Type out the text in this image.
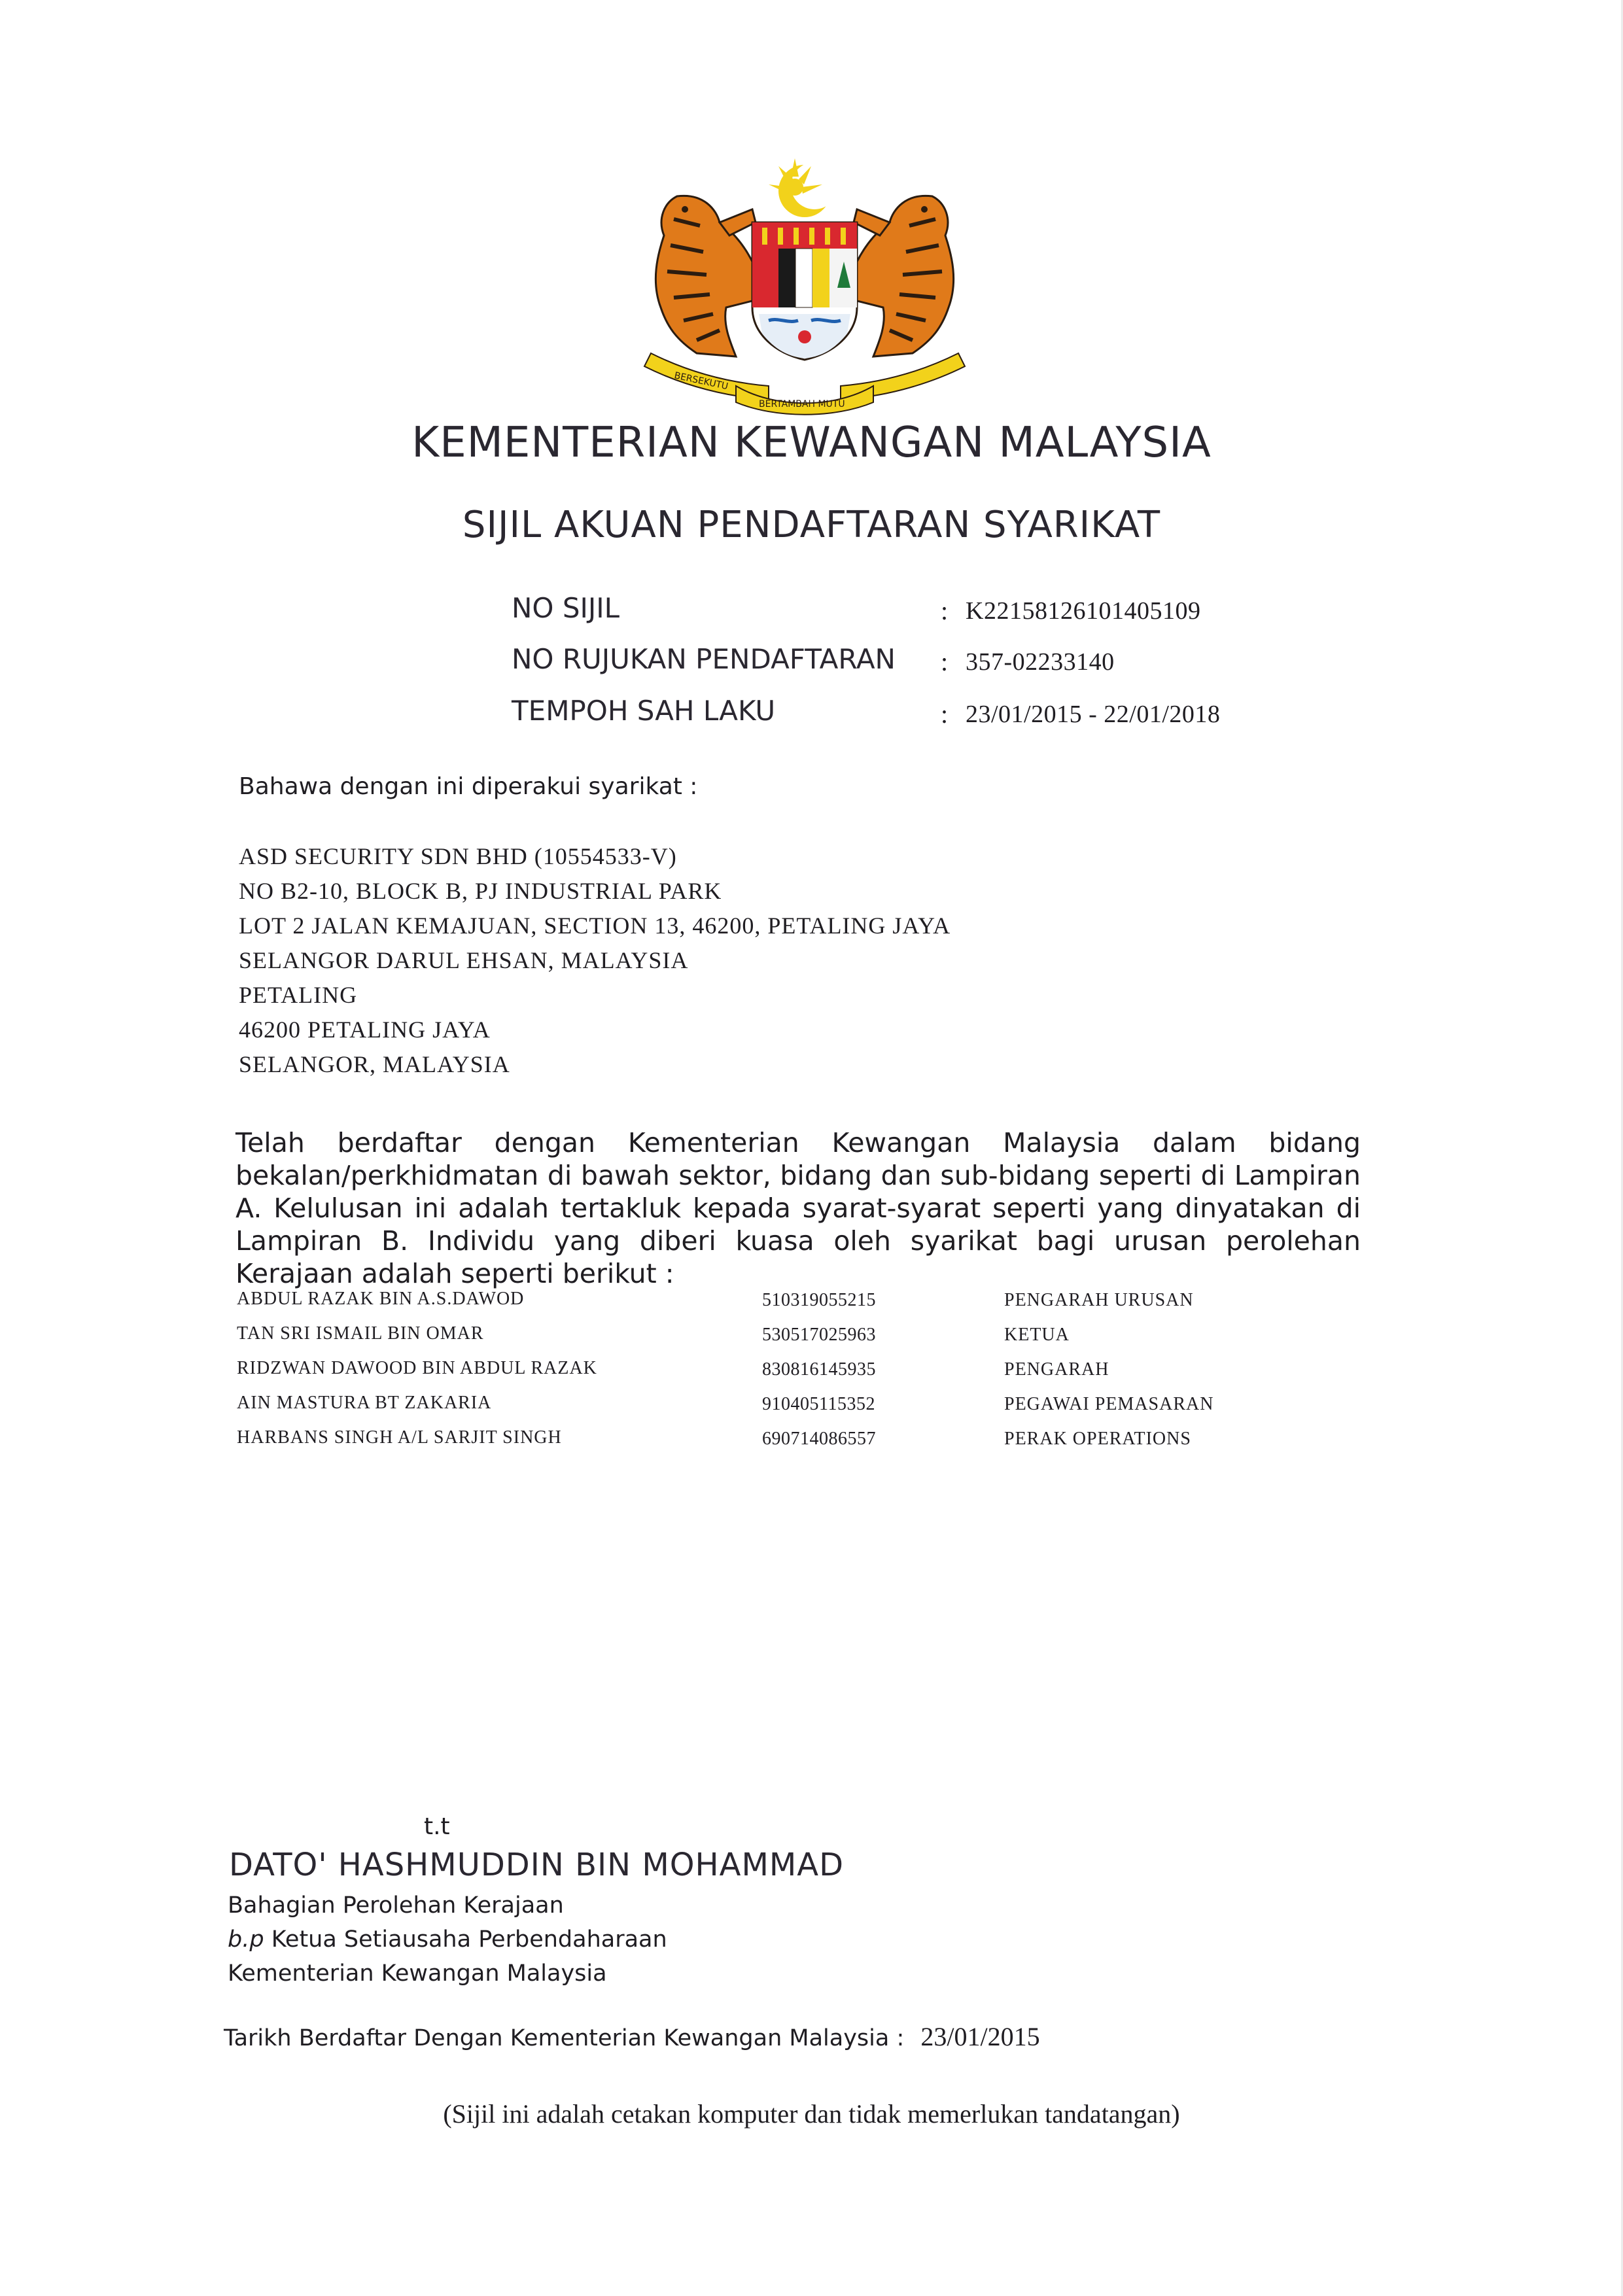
BERSEKUTU
BERTAMBAH MUTU
KEMENTERIAN KEWANGAN MALAYSIA
SIJIL AKUAN PENDAFTARAN SYARIKAT
NO SIJIL	: K22158126101405109
NO RUJUKAN PENDAFTARAN : 357-02233140
TEMPOH SAH LAKU	: 23/01/2015 - 22/01/2018
Bahawa dengan ini diperakui syarikat :
ASD SECURITY SDN BHD (10554533-V)
NO B2-10, BLOCK B, PJ INDUSTRIAL PARK
LOT 2 JALAN KEMAJUAN, SECTION 13, 46200, PETALING JAYA
SELANGOR DARUL EHSAN, MALAYSIA
PETALING
46200 PETALING JAYA
SELANGOR, MALAYSIA
Telah berdaftar dengan Kementerian Kewangan Malaysia dalam bidang bekalan/perkhidmatan di bawah sektor, bidang dan sub-bidang seperti di Lampiran A. Kelulusan ini adalah tertakluk kepada syarat-syarat seperti yang dinyatakan di Lampiran B. Individu yang diberi kuasa oleh syarikat bagi urusan perolehan Kerajaan adalah seperti berikut :
ABDUL RAZAK BIN A.S.DAWOD	510319055215	PENGARAH URUSAN
TAN SRI ISMAIL BIN OMAR	530517025963	KETUA
RIDZWAN DAWOOD BIN ABDUL RAZAK	830816145935	PENGARAH
AIN MASTURA BT ZAKARIA	910405115352	PEGAWAI PEMASARAN
HARBANS SINGH A/L SARJIT SINGH	690714086557	PERAK OPERATIONS
t.t
DATO' HASHMUDDIN BIN MOHAMMAD
Bahagian Perolehan Kerajaan
b.p Ketua Setiausaha Perbendaharaan
Kementerian Kewangan Malaysia
Tarikh Berdaftar Dengan Kementerian Kewangan Malaysia : 23/01/2015
(Sijil ini adalah cetakan komputer dan tidak memerlukan tandatangan)
